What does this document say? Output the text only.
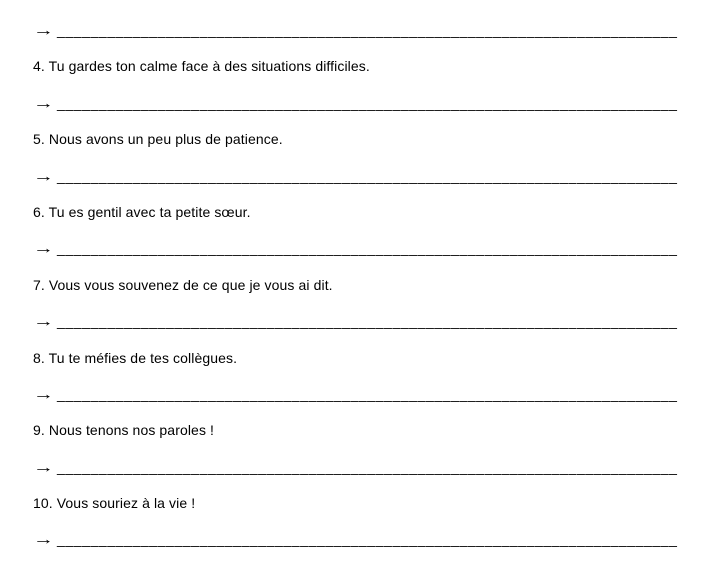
→ __________________________________________________________________________
4. Tu gardes ton calme face à des situations difficiles.
→ __________________________________________________________________________
5. Nous avons un peu plus de patience.
→ __________________________________________________________________________
6. Tu es gentil avec ta petite sœur.
→ __________________________________________________________________________
7. Vous vous souvenez de ce que je vous ai dit.
→ __________________________________________________________________________
8. Tu te méfies de tes collègues.
→ __________________________________________________________________________
9. Nous tenons nos paroles !
→ __________________________________________________________________________
10. Vous souriez à la vie !
→ __________________________________________________________________________
